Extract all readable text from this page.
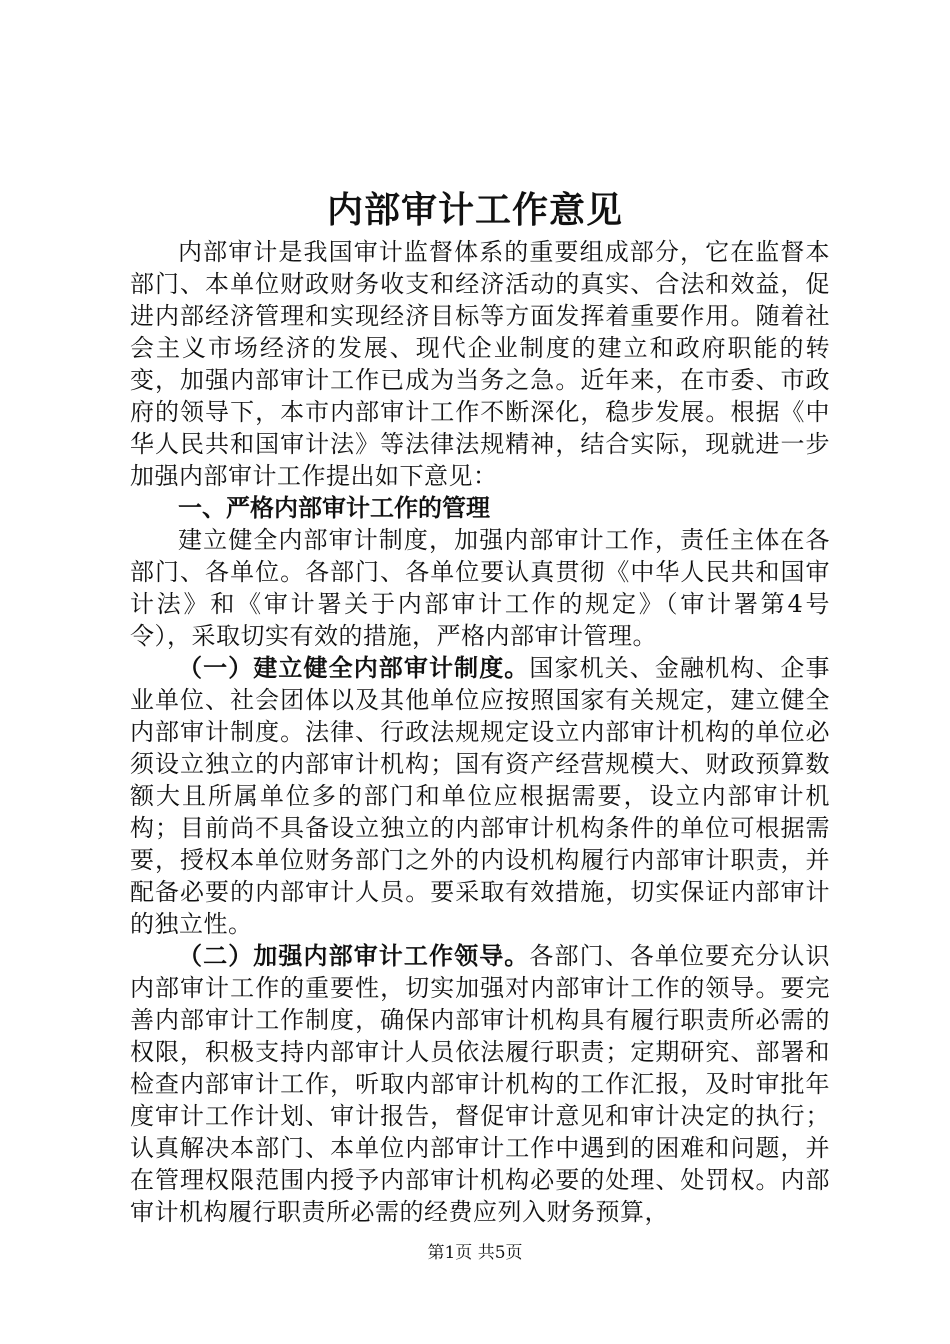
内部审计工作意见

内部审计是我国审计监督体系的重要组成部分，它在监督本部门、本单位财政财务收支和经济活动的真实、合法和效益，促进内部经济管理和实现经济目标等方面发挥着重要作用。随着社会主义市场经济的发展、现代企业制度的建立和政府职能的转变，加强内部审计工作已成为当务之急。近年来，在市委、市政府的领导下，本市内部审计工作不断深化，稳步发展。根据《中华人民共和国审计法》等法律法规精神，结合实际，现就进一步加强内部审计工作提出如下意见：

一、严格内部审计工作的管理

建立健全内部审计制度，加强内部审计工作，责任主体在各部门、各单位。各部门、各单位要认真贯彻《中华人民共和国审计法》和《审计署关于内部审计工作的规定》（审计署第4号令），采取切实有效的措施，严格内部审计管理。

（一）建立健全内部审计制度。国家机关、金融机构、企事业单位、社会团体以及其他单位应按照国家有关规定，建立健全内部审计制度。法律、行政法规规定设立内部审计机构的单位必须设立独立的内部审计机构；国有资产经营规模大、财政预算数额大且所属单位多的部门和单位应根据需要，设立内部审计机构；目前尚不具备设立独立的内部审计机构条件的单位可根据需要，授权本单位财务部门之外的内设机构履行内部审计职责，并配备必要的内部审计人员。要采取有效措施，切实保证内部审计的独立性。

（二）加强内部审计工作领导。各部门、各单位要充分认识内部审计工作的重要性，切实加强对内部审计工作的领导。要完善内部审计工作制度，确保内部审计机构具有履行职责所必需的权限，积极支持内部审计人员依法履行职责；定期研究、部署和检查内部审计工作，听取内部审计机构的工作汇报，及时审批年度审计工作计划、审计报告，督促审计意见和审计决定的执行；认真解决本部门、本单位内部审计工作中遇到的困难和问题，并在管理权限范围内授予内部审计机构必要的处理、处罚权。内部审计机构履行职责所必需的经费应列入财务预算，

第1页 共5页
